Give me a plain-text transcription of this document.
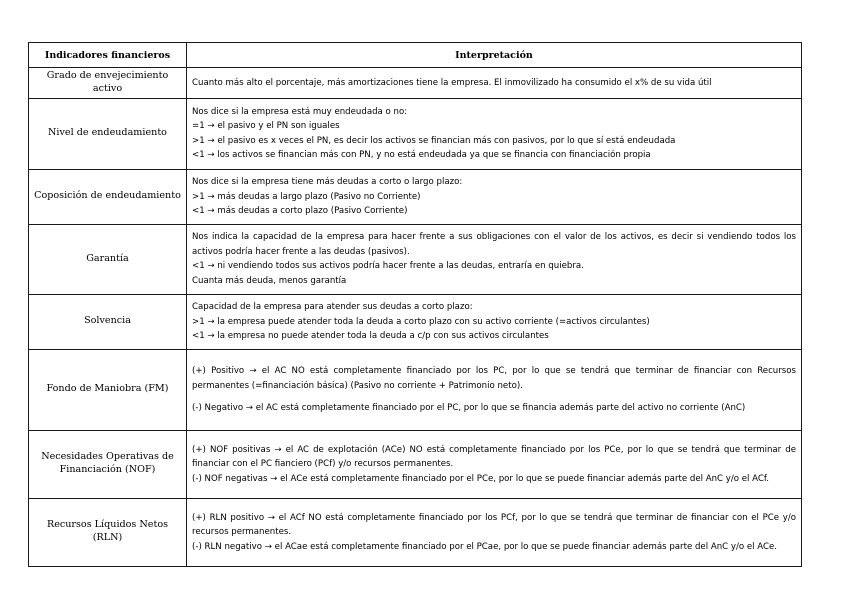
Indicadores financieros	Interpretación
Grado de envejecimiento activo	Cuanto más alto el porcentaje, más amortizaciones tiene la empresa. El inmovilizado ha consumido el x% de su vida útil

Nivel de endeudamiento	Nos dice si la empresa está muy endeudada o no:

=1 → el pasivo y el PN son iguales

>1 → el pasivo es x veces el PN, es decir los activos se financian más con pasivos, por lo que sí está endeudada

<1 → los activos se financian más con PN, y no está endeudada ya que se financia con financiación propia

Coposición de endeudamiento	Nos dice si la empresa tiene más deudas a corto o largo plazo:

>1 → más deudas a largo plazo (Pasivo no Corriente)

<1 → más deudas a corto plazo (Pasivo Corriente)

Garantía	Nos indica la capacidad de la empresa para hacer frente a sus obligaciones con el valor de los activos, es decir si vendiendo todos los activos podría hacer frente a las deudas (pasivos).

<1 → ni vendiendo todos sus activos podría hacer frente a las deudas, entraría en quiebra.

Cuanta más deuda, menos garantía

Solvencia	Capacidad de la empresa para atender sus deudas a corto plazo:

>1 → la empresa puede atender toda la deuda a corto plazo con su activo corriente (=activos circulantes)

<1 → la empresa no puede atender toda la deuda a c/p con sus activos circulantes

Fondo de Maniobra (FM)	(+) Positivo → el AC NO está completamente financiado por los PC, por lo que se tendrá que terminar de financiar con Recursos permanentes (=financiación básica) (Pasivo no corriente + Patrimonio neto).

(-) Negativo → el AC está completamente financiado por el PC, por lo que se financia además parte del activo no corriente (AnC)

Necesidades Operativas de Financiación (NOF)	(+) NOF positivas → el AC de explotación (ACe) NO está completamente financiado por los PCe, por lo que se tendrá que terminar de financiar con el PC fianciero (PCf) y/o recursos permanentes.

(-) NOF negativas → el ACe está completamente financiado por el PCe, por lo que se puede financiar además parte del AnC y/o el ACf.

Recursos Líquidos Netos (RLN)	(+) RLN positivo → el ACf NO está completamente financiado por los PCf, por lo que se tendrá que terminar de financiar con el PCe y/o recursos permanentes.

(-) RLN negativo → el ACae está completamente financiado por el PCae, por lo que se puede financiar además parte del AnC y/o el ACe.
